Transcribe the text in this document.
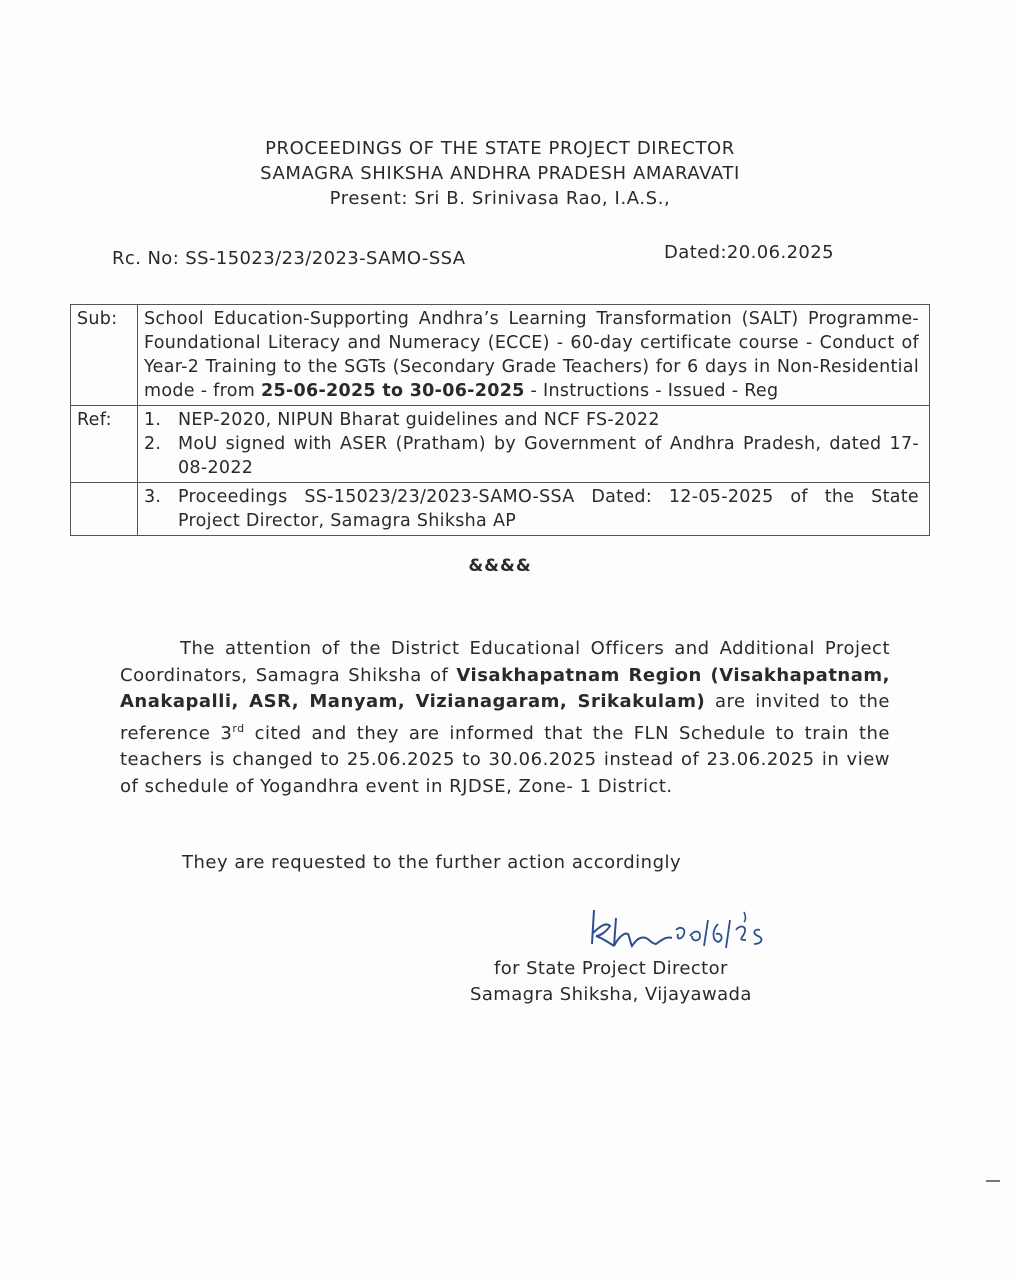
PROCEEDINGS OF THE STATE PROJECT DIRECTOR
SAMAGRA SHIKSHA ANDHRA PRADESH AMARAVATI
Present: Sri B. Srinivasa Rao, I.A.S.,
Rc. No: SS-15023/23/2023-SAMO-SSA	Dated:20.06.2025
Sub:	School Education-Supporting Andhra’s Learning Transformation (SALT) Programme-Foundational Literacy and Numeracy (ECCE) - 60-day certificate course - Conduct of Year-2 Training to the SGTs (Secondary Grade Teachers) for 6 days in Non-Residential mode - from 25-06-2025 to 30-06-2025 - Instructions - Issued - Reg
Ref:	1. NEP-2020, NIPUN Bharat guidelines and NCF FS-2022
2. MoU signed with ASER (Pratham) by Government of Andhra Pradesh, dated 17-08-2022

	3. Proceedings SS-15023/23/2023-SAMO-SSA Dated: 12-05-2025 of the State Project Director, Samagra Shiksha AP
&&&&
The attention of the District Educational Officers and Additional Project Coordinators, Samagra Shiksha of Visakhapatnam Region (Visakhapatnam, Anakapalli, ASR, Manyam, Vizianagaram, Srikakulam) are invited to the reference 3rd cited and they are informed that the FLN Schedule to train the teachers is changed to 25.06.2025 to 30.06.2025 instead of 23.06.2025 in view of schedule of Yogandhra event in RJDSE, Zone- 1 District.
They are requested to the further action accordingly
for State Project Director
Samagra Shiksha, Vijayawada
